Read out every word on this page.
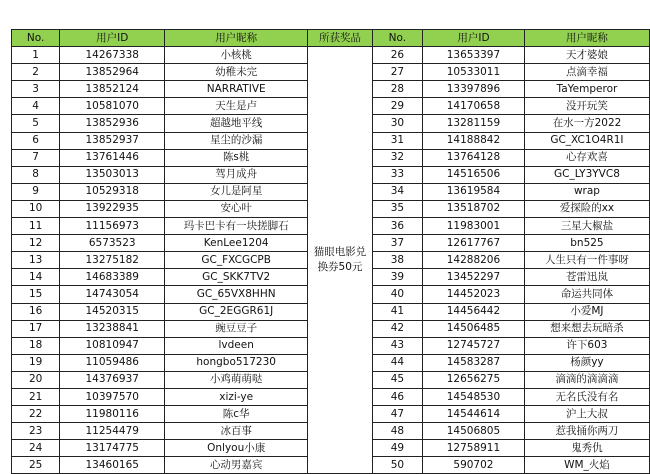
No.	用户ID	用户昵称	所获奖品	No.	用户ID	用户昵称
1	14267338	小核桃	猫眼电影兑换券50元	26	13653397	天才婆娘
2	13852964	幼稚未完		27	10533011	点滴幸福
3	13852124	NARRATIVE		28	13397896	TaYemperor
4	10581070	天生是卢		29	14170658	没开玩笑
5	13852936	超越地平线		30	13281159	在水一方2022
6	13852937	星尘的沙漏		31	14188842	GC_XC1O4R1I
7	13761446	陈s桃		32	13764128	心存欢喜
8	13503013	驾月成舟		33	14516506	GC_LY3YVC8
9	10529318	女儿是阿星		34	13619584	wrap
10	13922935	安心叶		35	13518702	爱探险的xx
11	11156973	玛卡巴卡有一块搓脚石		36	11983001	三星大椒盐
12	6573523	KenLee1204		37	12617767	bn525
13	13275182	GC_FXCGCPB		38	14288206	人生只有一件事呀
14	14683389	GC_SKK7TV2		39	13452297	苍雷迅岚
15	14743054	GC_65VX8HHN		40	14452023	命运共同体
16	14520315	GC_2EGGR61J		41	14456442	小爱MJ
17	13238841	豌豆豆子		42	14506485	想来想去玩暗杀
18	10810947	lvdeen		43	12745727	许下603
19	11059486	hongbo517230		44	14583287	杨颜yy
20	14376937	小鸡萌萌哒		45	12656275	滴滴的滴滴滴
21	10397570	xizi-ye		46	14548530	无名氏没有名
22	11980116	陈c华		47	14544614	沪上大叔
23	11254479	冰百事		48	14506805	惹我捅你两刀
24	13174775	Onlyou小康		49	12758911	鬼秀仇
25	13460165	心动男嘉宾		50	590702	WM_火焰
